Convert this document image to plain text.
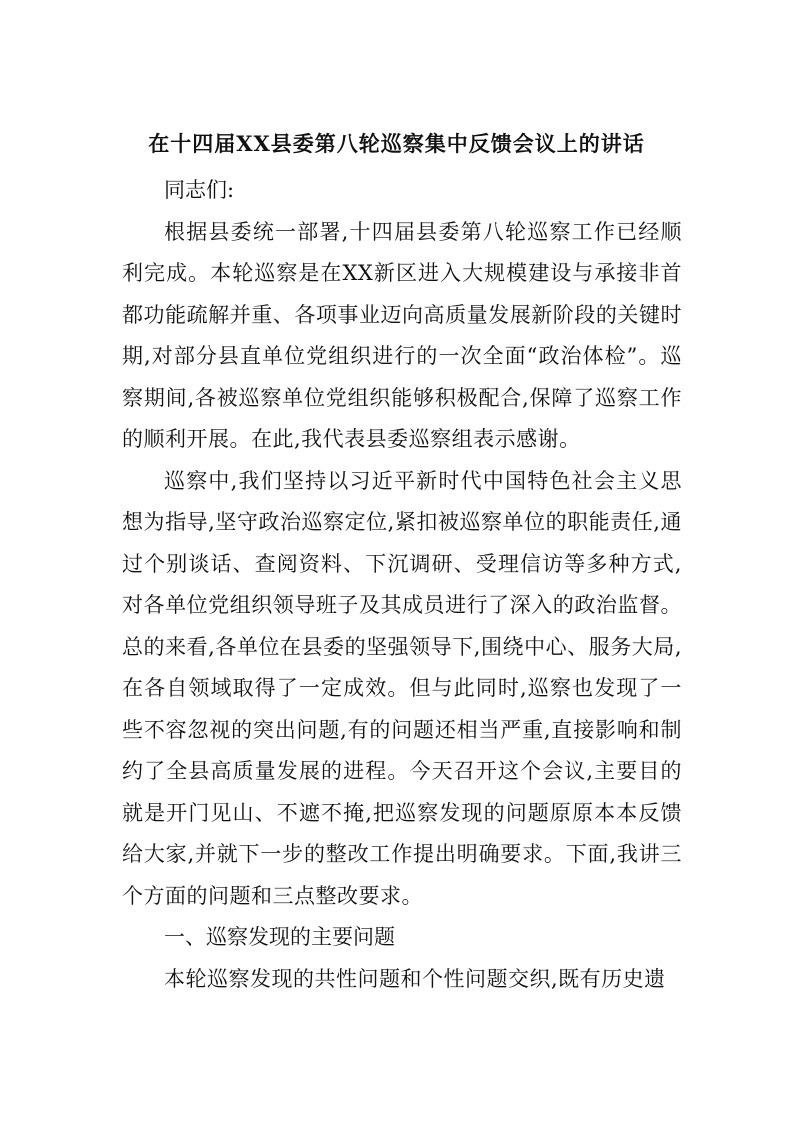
在十四届XX县委第八轮巡察集中反馈会议上的讲话

同志们:

根据县委统一部署,十四届县委第八轮巡察工作已经顺利完成。本轮巡察是在XX新区进入大规模建设与承接非首都功能疏解并重、各项事业迈向高质量发展新阶段的关键时期,对部分县直单位党组织进行的一次全面“政治体检”。巡察期间,各被巡察单位党组织能够积极配合,保障了巡察工作的顺利开展。在此,我代表县委巡察组表示感谢。

巡察中,我们坚持以习近平新时代中国特色社会主义思想为指导,坚守政治巡察定位,紧扣被巡察单位的职能责任,通过个别谈话、查阅资料、下沉调研、受理信访等多种方式,对各单位党组织领导班子及其成员进行了深入的政治监督。总的来看,各单位在县委的坚强领导下,围绕中心、服务大局,在各自领域取得了一定成效。但与此同时,巡察也发现了一些不容忽视的突出问题,有的问题还相当严重,直接影响和制约了全县高质量发展的进程。今天召开这个会议,主要目的就是开门见山、不遮不掩,把巡察发现的问题原原本本反馈给大家,并就下一步的整改工作提出明确要求。下面,我讲三个方面的问题和三点整改要求。

一、巡察发现的主要问题

本轮巡察发现的共性问题和个性问题交织,既有历史遗
